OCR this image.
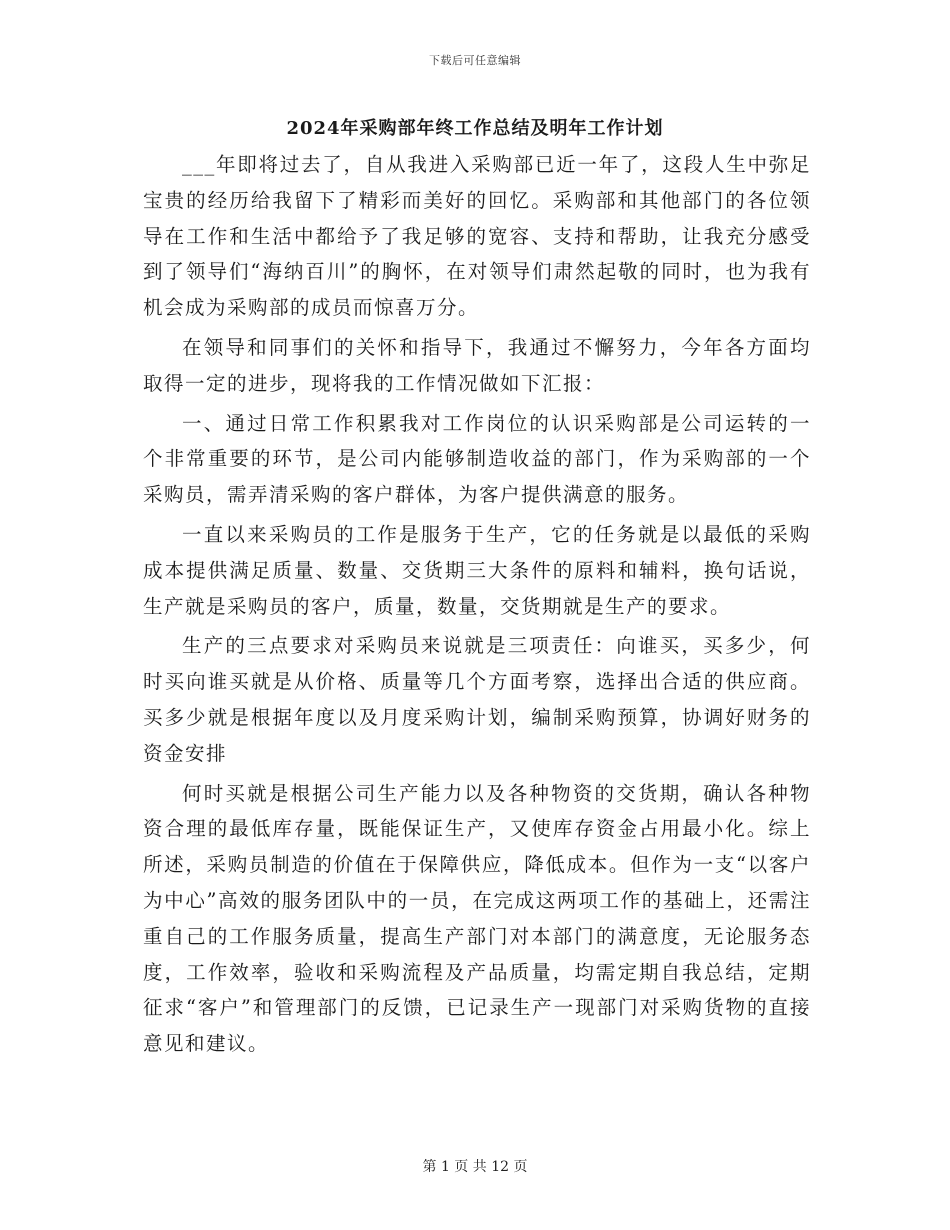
下载后可任意编辑
2024年采购部年终工作总结及明年工作计划

___年即将过去了，自从我进入采购部已近一年了，这段人生中弥足宝贵的经历给我留下了精彩而美好的回忆。采购部和其他部门的各位领导在工作和生活中都给予了我足够的宽容、支持和帮助，让我充分感受到了领导们“海纳百川”的胸怀，在对领导们肃然起敬的同时，也为我有机会成为采购部的成员而惊喜万分。

在领导和同事们的关怀和指导下，我通过不懈努力，今年各方面均取得一定的进步，现将我的工作情况做如下汇报：

一、通过日常工作积累我对工作岗位的认识采购部是公司运转的一个非常重要的环节，是公司内能够制造收益的部门，作为采购部的一个采购员，需弄清采购的客户群体，为客户提供满意的服务。

一直以来采购员的工作是服务于生产，它的任务就是以最低的采购成本提供满足质量、数量、交货期三大条件的原料和辅料，换句话说，生产就是采购员的客户，质量，数量，交货期就是生产的要求。

生产的三点要求对采购员来说就是三项责任：向谁买，买多少，何时买向谁买就是从价格、质量等几个方面考察，选择出合适的供应商。买多少就是根据年度以及月度采购计划，编制采购预算，协调好财务的资金安排

何时买就是根据公司生产能力以及各种物资的交货期，确认各种物资合理的最低库存量，既能保证生产，又使库存资金占用最小化。综上所述，采购员制造的价值在于保障供应，降低成本。但作为一支“以客户为中心”高效的服务团队中的一员，在完成这两项工作的基础上，还需注重自己的工作服务质量，提高生产部门对本部门的满意度，无论服务态度，工作效率，验收和采购流程及产品质量，均需定期自我总结，定期征求“客户”和管理部门的反馈，已记录生产一现部门对采购货物的直接意见和建议。

第 1 页 共 12 页
